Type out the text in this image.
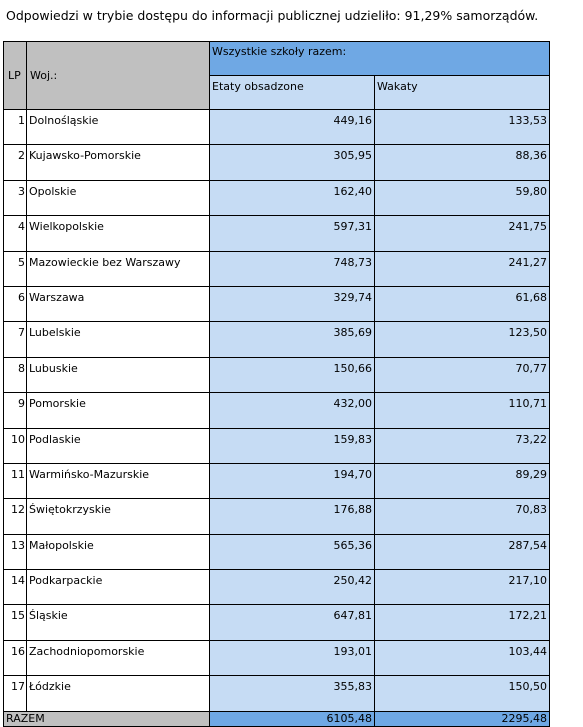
Odpowiedzi w trybie dostępu do informacji publicznej udzieliło: 91,29% samorządów.
LP	Woj.:	Wszystkie szkoły razem:	
		Etaty obsadzone	Wakaty
1	Dolnośląskie	449,16	133,53
2	Kujawsko-Pomorskie	305,95	88,36
3	Opolskie	162,40	59,80
4	Wielkopolskie	597,31	241,75
5	Mazowieckie bez Warszawy	748,73	241,27
6	Warszawa	329,74	61,68
7	Lubelskie	385,69	123,50
8	Lubuskie	150,66	70,77
9	Pomorskie	432,00	110,71
10	Podlaskie	159,83	73,22
11	Warmińsko-Mazurskie	194,70	89,29
12	Świętokrzyskie	176,88	70,83
13	Małopolskie	565,36	287,54
14	Podkarpackie	250,42	217,10
15	Śląskie	647,81	172,21
16	Zachodniopomorskie	193,01	103,44
17	Łódzkie	355,83	150,50
RAZEM		6105,48	2295,48
